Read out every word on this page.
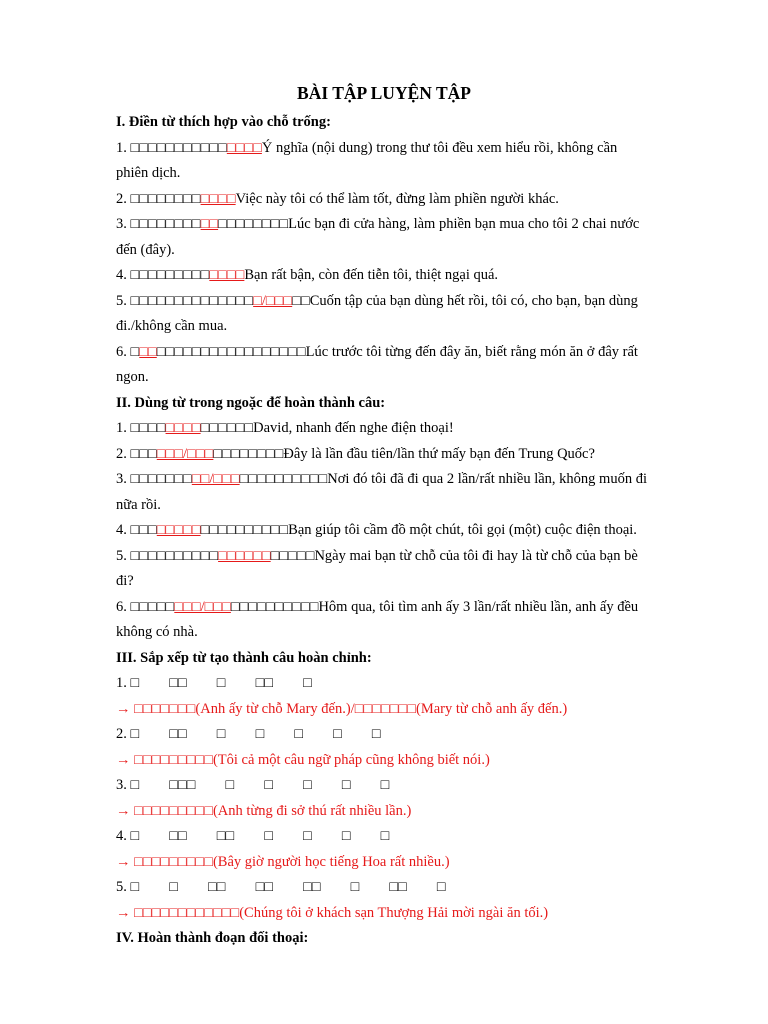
BÀI TẬP LUYỆN TẬP
I. Điền từ thích hợp vào chỗ trống:
1. □□□□□□□□□□□□□□□Ý nghĩa (nội dung) trong thư tôi đều xem hiểu rồi, không cần phiên dịch.
2. □□□□□□□□□□□□Việc này tôi có thể làm tốt, đừng làm phiền người khác.
3. □□□□□□□□□□□□□□□□□□Lúc bạn đi cửa hàng, làm phiền bạn mua cho tôi 2 chai nước đến (đây).
4. □□□□□□□□□□□□□Bạn rất bận, còn đến tiễn tôi, thiệt ngại quá.
5. □□□□□□□□□□□□□□□/□□□□□Cuốn tập của bạn dùng hết rồi, tôi có, cho bạn, bạn dùng đi./không cần mua.
6. □□□□□□□□□□□□□□□□□□□□Lúc trước tôi từng đến đây ăn, biết rằng món ăn ở đây rất ngon.
II. Dùng từ trong ngoặc để hoàn thành câu:
1. □□□□□□□□□□□□□□David, nhanh đến nghe điện thoại!
2. □□□□□□/□□□□□□□□□□□Đây là lần đầu tiên/lần thứ mấy bạn đến Trung Quốc?
3. □□□□□□□□□/□□□□□□□□□□□□□Nơi đó tôi đã đi qua 2 lần/rất nhiều lần, không muốn đi nữa rồi.
4. □□□□□□□□□□□□□□□□□□Bạn giúp tôi cầm đồ một chút, tôi gọi (một) cuộc điện thoại.
5. □□□□□□□□□□□□□□□□□□□□□Ngày mai bạn từ chỗ của tôi đi hay là từ chỗ của bạn bè đi?
6. □□□□□□□□/□□□□□□□□□□□□□Hôm qua, tôi tìm anh ấy 3 lần/rất nhiều lần, anh ấy đều không có nhà.
III. Sắp xếp từ tạo thành câu hoàn chỉnh:
1. □ □□ □ □□ □
→ □□□□□□□(Anh ấy từ chỗ Mary đến.)/□□□□□□□(Mary từ chỗ anh ấy đến.)
2. □ □□ □ □ □ □ □
→ □□□□□□□□□(Tôi cả một câu ngữ pháp cũng không biết nói.)
3. □ □□□ □ □ □ □ □
→ □□□□□□□□□(Anh từng đi sở thú rất nhiều lần.)
4. □ □□ □□ □ □ □ □
→ □□□□□□□□□(Bây giờ người học tiếng Hoa rất nhiều.)
5. □ □ □□ □□ □□ □ □□ □
→ □□□□□□□□□□□□(Chúng tôi ở khách sạn Thượng Hải mời ngài ăn tối.)
IV. Hoàn thành đoạn đối thoại:
